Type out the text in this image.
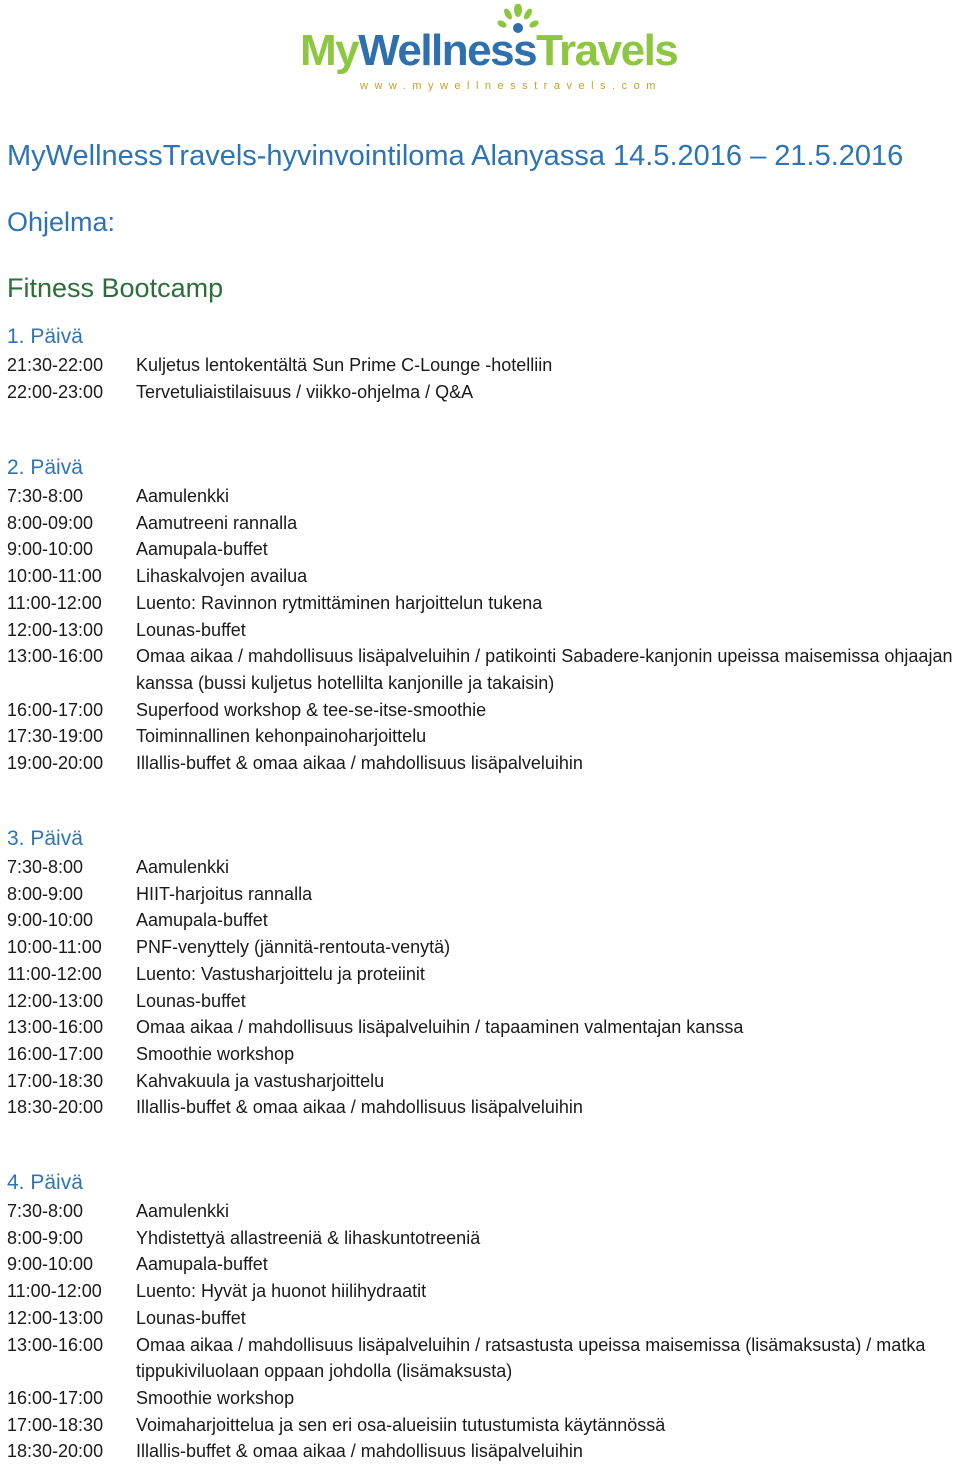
MyWellnessTravels
www.mywellnesstravels.com
MyWellnessTravels-hyvinvointiloma Alanyassa 14.5.2016 – 21.5.2016
Ohjelma:
Fitness Bootcamp
1. Päivä
21:30-22:00	Kuljetus lentokentältä Sun Prime C-Lounge -hotelliin
22:00-23:00	Tervetuliaistilaisuus / viikko-ohjelma / Q&A
2. Päivä
7:30-8:00	Aamulenkki
8:00-09:00	Aamutreeni rannalla
9:00-10:00	Aamupala-buffet
10:00-11:00	Lihaskalvojen availua
11:00-12:00	Luento: Ravinnon rytmittäminen harjoittelun tukena
12:00-13:00	Lounas-buffet
13:00-16:00	Omaa aikaa / mahdollisuus lisäpalveluihin / patikointi Sabadere-kanjonin upeissa maisemissa ohjaajan kanssa (bussi kuljetus hotellilta kanjonille ja takaisin)
16:00-17:00	Superfood workshop & tee-se-itse-smoothie
17:30-19:00	Toiminnallinen kehonpainoharjoittelu
19:00-20:00	Illallis-buffet & omaa aikaa / mahdollisuus lisäpalveluihin
3. Päivä
7:30-8:00	Aamulenkki
8:00-9:00	HIIT-harjoitus rannalla
9:00-10:00	Aamupala-buffet
10:00-11:00	PNF-venyttely (jännitä-rentouta-venytä)
11:00-12:00	Luento: Vastusharjoittelu ja proteiinit
12:00-13:00	Lounas-buffet
13:00-16:00	Omaa aikaa / mahdollisuus lisäpalveluihin / tapaaminen valmentajan kanssa
16:00-17:00	Smoothie workshop
17:00-18:30	Kahvakuula ja vastusharjoittelu
18:30-20:00	Illallis-buffet & omaa aikaa / mahdollisuus lisäpalveluihin
4. Päivä
7:30-8:00	Aamulenkki
8:00-9:00	Yhdistettyä allastreeniä & lihaskuntotreeniä
9:00-10:00	Aamupala-buffet
11:00-12:00	Luento: Hyvät ja huonot hiilihydraatit
12:00-13:00	Lounas-buffet
13:00-16:00	Omaa aikaa / mahdollisuus lisäpalveluihin / ratsastusta upeissa maisemissa (lisämaksusta) / matka tippukiviluolaan oppaan johdolla (lisämaksusta)
16:00-17:00	Smoothie workshop
17:00-18:30	Voimaharjoittelua ja sen eri osa-alueisiin tutustumista käytännössä
18:30-20:00	Illallis-buffet & omaa aikaa / mahdollisuus lisäpalveluihin
